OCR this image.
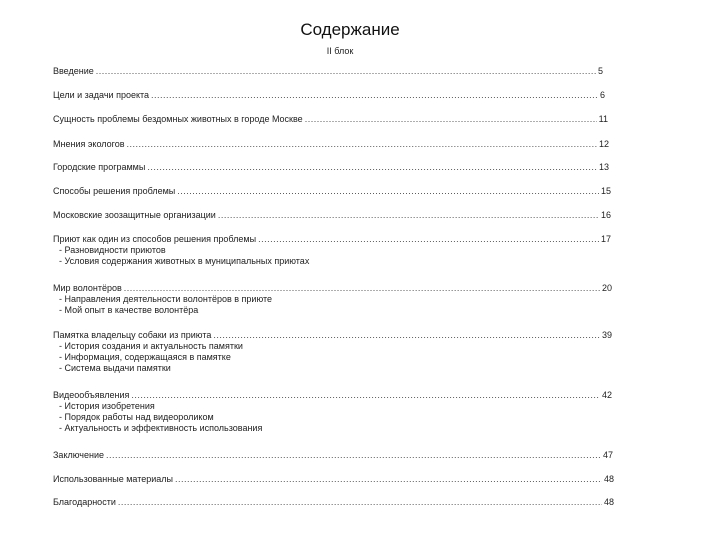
Содержание
II блок
Введение .....	5
Цели и задачи проекта .....	6
Сущность проблемы бездомных животных в городе Москве .....	11
Мнения экологов .....	12
Городские программы .....	13
Способы решения проблемы .....	15
Московские зоозащитные организации .....	16
Приют как один из способов решения проблемы .....	17
- Разновидности приютов
- Условия содержания животных в муниципальных приютах
Мир волонтёров .....	20
- Направления деятельности волонтёров в приюте
- Мой опыт в качестве волонтёра
Памятка владельцу собаки из приюта .....	39
- История создания и актуальность памятки
- Информация, содержащаяся в памятке
- Система выдачи памятки
Видеообъявления .....	42
- История изобретения
- Порядок работы над видеороликом
- Актуальность и эффективность использования
Заключение .....	47
Использованные материалы .....	48
Благодарности .....	48
